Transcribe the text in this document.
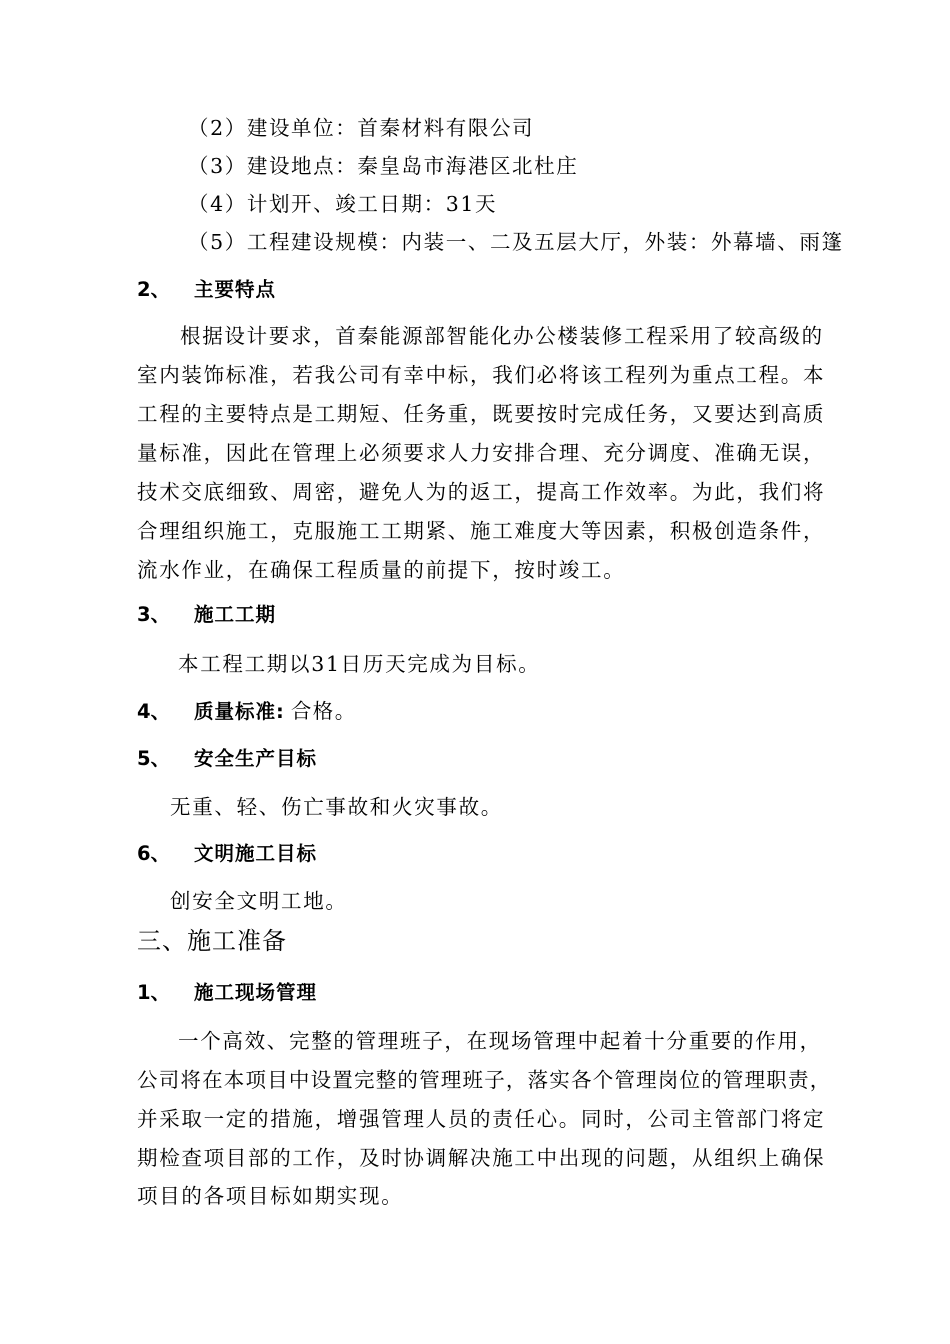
（2）建设单位：首秦材料有限公司
（3）建设地点：秦皇岛市海港区北杜庄
（4）计划开、竣工日期：31天
（5）工程建设规模：内装一、二及五层大厅，外装：外幕墙、雨篷
2、 主要特点
根据设计要求，首秦能源部智能化办公楼装修工程采用了较高级的
室内装饰标准，若我公司有幸中标，我们必将该工程列为重点工程。本
工程的主要特点是工期短、任务重，既要按时完成任务，又要达到高质
量标准，因此在管理上必须要求人力安排合理、充分调度、准确无误，
技术交底细致、周密，避免人为的返工，提高工作效率。为此，我们将
合理组织施工，克服施工工期紧、施工难度大等因素，积极创造条件，
流水作业，在确保工程质量的前提下，按时竣工。
3、 施工工期
本工程工期以31日历天完成为目标。
4、 质量标准: 合格。
5、 安全生产目标
无重、轻、伤亡事故和火灾事故。
6、 文明施工目标
创安全文明工地。
三、施工准备
1、 施工现场管理
一个高效、完整的管理班子，在现场管理中起着十分重要的作用，
公司将在本项目中设置完整的管理班子，落实各个管理岗位的管理职责，
并采取一定的措施，增强管理人员的责任心。同时，公司主管部门将定
期检查项目部的工作，及时协调解决施工中出现的问题，从组织上确保
项目的各项目标如期实现。
